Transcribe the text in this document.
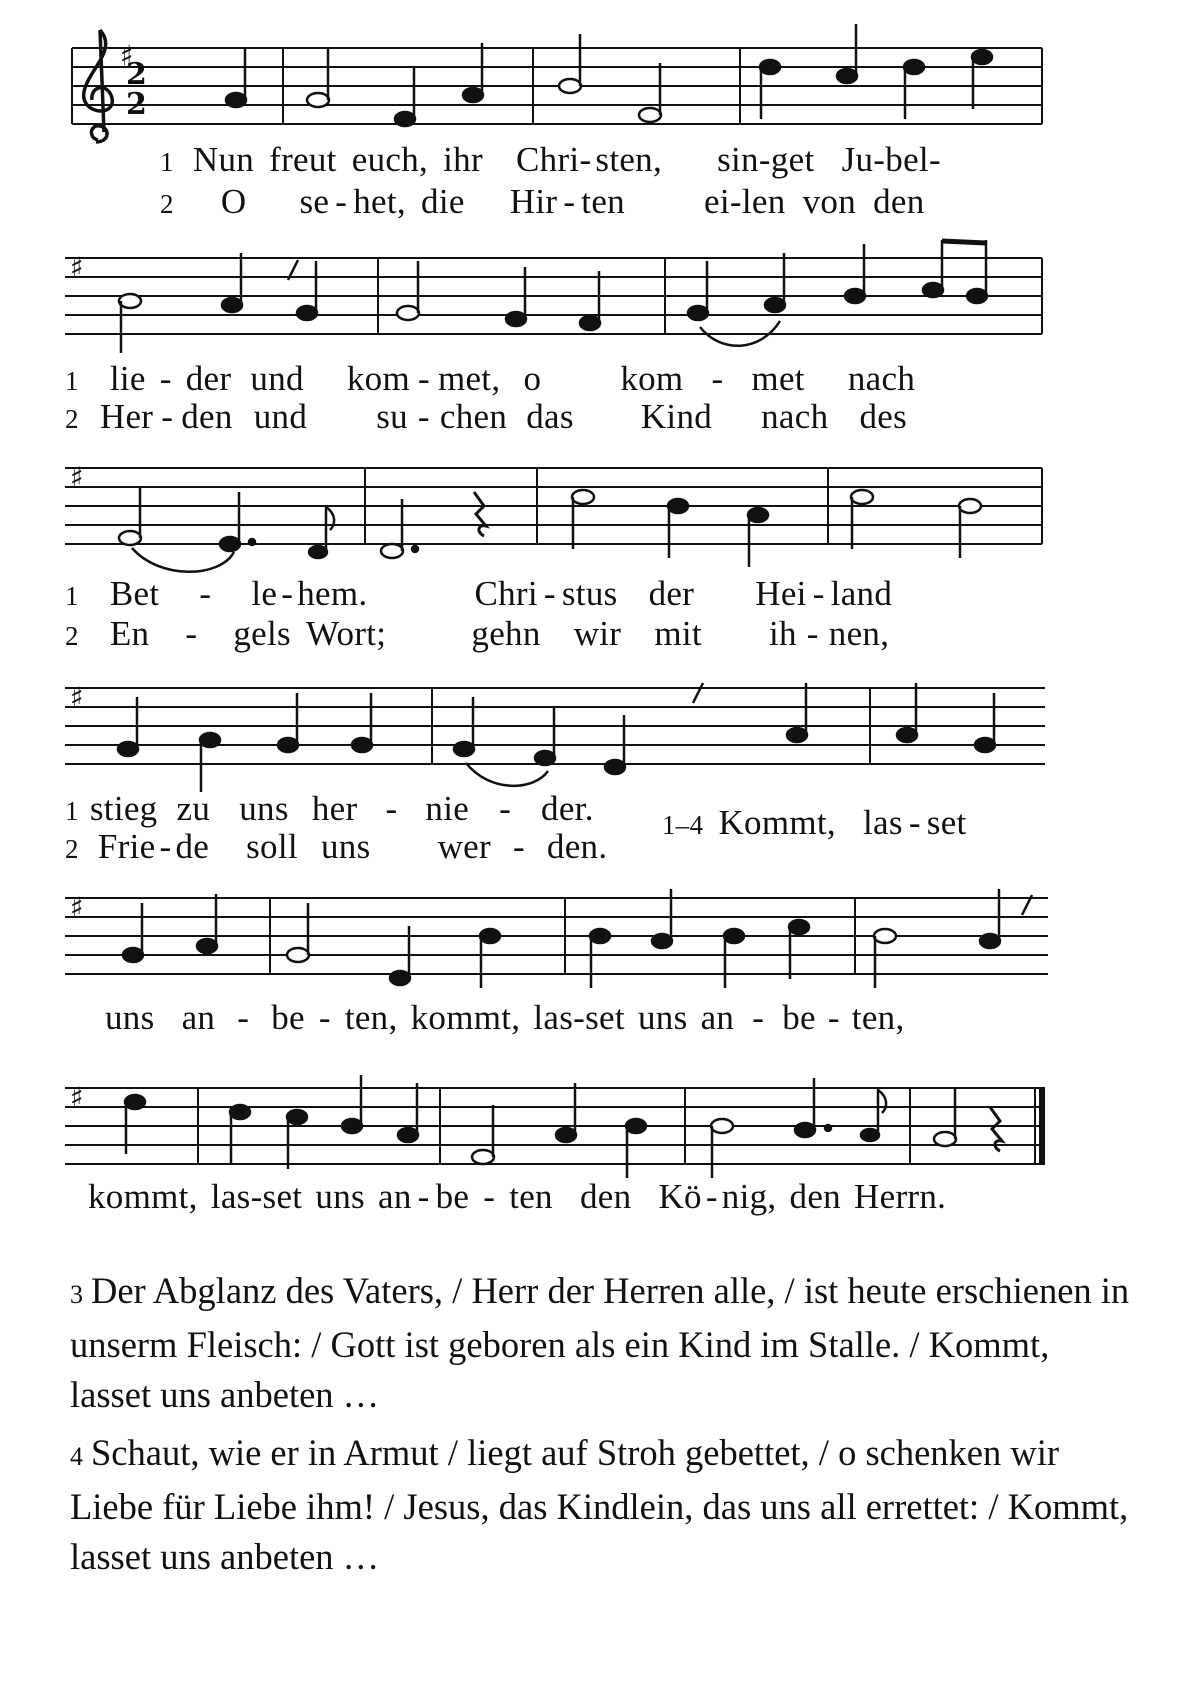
♯
2
2
1 Nun freut euch, ihr Chri- sten, sin-get Ju-bel-
2 O se - het, die Hir - ten ei-len von den
♯
1 lie - der und kom - met, o kom - met nach
2 Her - den und su - chen das Kind nach des
♯
1 Bet - le - hem.	Chri - stus der Hei - land
2 En - gels Wort; gehn wir mit ih - nen,
♯
1 stieg zu uns her - nie - der.
2 Frie - de soll uns wer - den.
1–4 Kommt, las - set
♯
uns an - be - ten, kommt, las-set uns an - be - ten,
♯
kommt, las-set uns an - be - ten den Kö - nig, den Herrn.
3 Der Abglanz des Vaters, / Herr der Herren alle, / ist heute erschienen in unserm Fleisch: / Gott ist geboren als ein Kind im Stalle. / Kommt, lasset uns anbeten …
4 Schaut, wie er in Armut / liegt auf Stroh gebettet, / o schenken wir Liebe für Liebe ihm! / Jesus, das Kindlein, das uns all errettet: / Kommt, lasset uns anbeten …
